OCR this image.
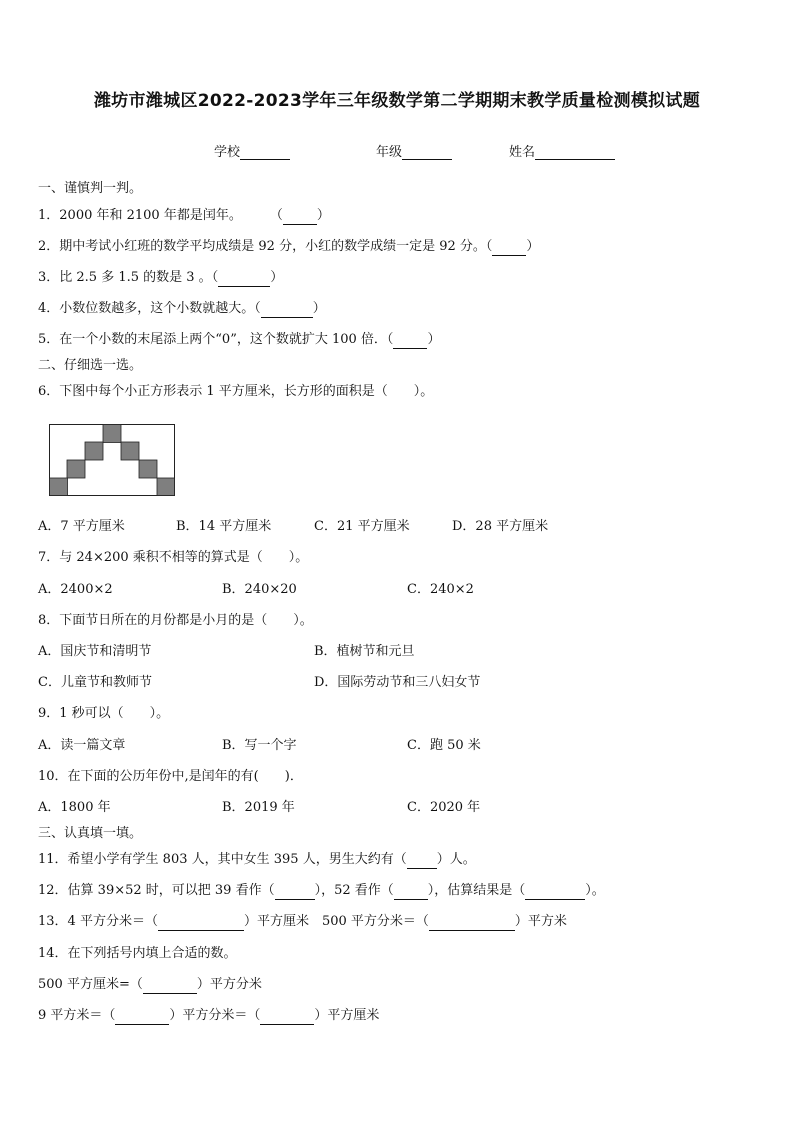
潍坊市潍城区2022-2023学年三年级数学第二学期期末教学质量检测模拟试题
学校	年级	姓名
一、谨慎判一判。
1．2000 年和 2100 年都是闰年。 （	）
2．期中考试小红班的数学平均成绩是 92 分，小红的数学成绩一定是 92 分。（	）
3．比 2.5 多 1.5 的数是 3 。（	）
4．小数位数越多，这个小数就越大。（	）
5．在一个小数的末尾添上两个“0”，这个数就扩大 100 倍．（	）
二、仔细选一选。
6．下图中每个小正方形表示 1 平方厘米，长方形的面积是（　　）。
A．7 平方厘米	B．14 平方厘米	C．21 平方厘米	D．28 平方厘米
7．与 24×200 乘积不相等的算式是（　　）。
A．2400×2	B．240×20	C．240×2
8．下面节日所在的月份都是小月的是（　　）。
A．国庆节和清明节	B．植树节和元旦
C．儿童节和教师节	D．国际劳动节和三八妇女节
9．1 秒可以（　　）。
A．读一篇文章	B．写一个字	C．跑 50 米
10．在下面的公历年份中,是闰年的有(　　)．
A．1800 年	B．2019 年	C．2020 年
三、认真填一填。
11．希望小学有学生 803 人，其中女生 395 人，男生大约有（ ）人。
12．估算 39×52 时，可以把 39 看作（	），52 看作（	），估算结果是（	）。
13．4 平方分米＝（	）平方厘米　500 平方分米＝（	）平方米
14．在下列括号内填上合适的数。
500 平方厘米=（	）平方分米
9 平方米＝（	）平方分米＝（	）平方厘米
